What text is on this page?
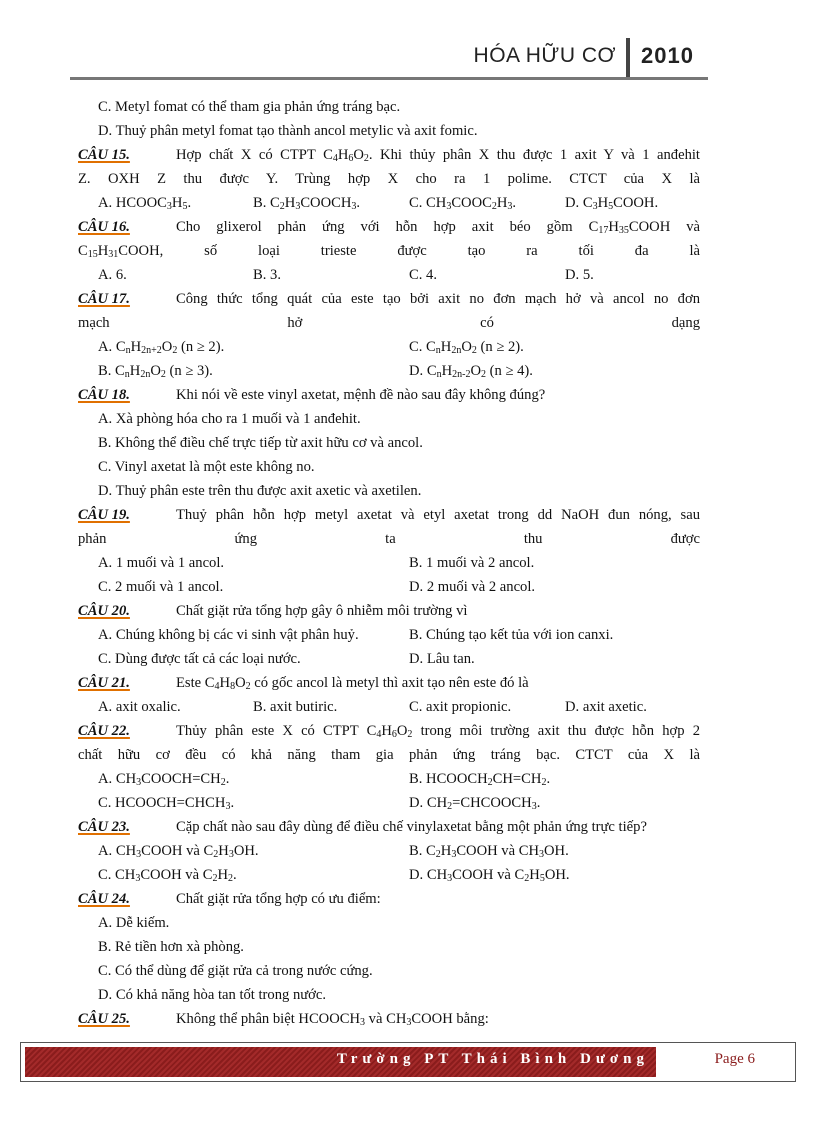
HÓA HỮU CƠ 2010
C. Metyl fomat có thể tham gia phản ứng tráng bạc.
D. Thuỷ phân metyl fomat tạo thành ancol metylic và axit fomic.
CÂU 15.	Hợp chất X có CTPT $C_4H_6O_2$. Khi thủy phân X thu được 1 axit Y và 1 anđehit
Z. OXH Z thu được Y. Trùng hợp X cho ra 1 polime. CTCT của X là
A. $HCOOC_3H_5$.	B. $C_2H_3COOCH_3$.	C. $CH_3COOC_2H_3$.	D. $C_3H_5COOH$.
CÂU 16.	Cho glixerol phản ứng với hỗn hợp axit béo gồm $C_{17}H_{35}COOH$ và
$C_{15}H_{31}COOH$, số loại trieste được tạo ra tối đa là
A. 6.	B. 3.	C. 4.	D. 5.
CÂU 17.	Công thức tổng quát của este tạo bởi axit no đơn mạch hở và ancol no đơn
mạch hở có dạng
A. $C_nH_{2n+2}O_2$ (n ≥ 2).	C. $C_nH_{2n}O_2$ (n ≥ 2).
B. $C_nH_{2n}O_2$ (n ≥ 3).	D. $C_nH_{2n-2}O_2$ (n ≥ 4).
CÂU 18.	Khi nói về este vinyl axetat, mệnh đề nào sau đây không đúng?
A. Xà phòng hóa cho ra 1 muối và 1 anđehit.
B. Không thể điều chế trực tiếp từ axit hữu cơ và ancol.
C. Vinyl axetat là một este không no.
D. Thuỷ phân este trên thu được axit axetic và axetilen.
CÂU 19.	Thuỷ phân hỗn hợp metyl axetat và etyl axetat trong dd NaOH đun nóng, sau
phản ứng ta thu được
A. 1 muối và 1 ancol.	B. 1 muối và 2 ancol.
C. 2 muối và 1 ancol.	D. 2 muối và 2 ancol.
CÂU 20.	Chất giặt rửa tổng hợp gây ô nhiễm môi trường vì
A. Chúng không bị các vi sinh vật phân huỷ.	B. Chúng tạo kết tủa với ion canxi.
C. Dùng được tất cả các loại nước.	D. Lâu tan.
CÂU 21.	Este $C_4H_8O_2$ có gốc ancol là metyl thì axit tạo nên este đó là
A. axit oxalic.	B. axit butiric.	C. axit propionic.	D. axit axetic.
CÂU 22.	Thủy phân este X có CTPT $C_4H_6O_2$ trong môi trường axit thu được hỗn hợp 2
chất hữu cơ đều có khả năng tham gia phản ứng tráng bạc. CTCT của X là
A. $CH_3COOCH=CH_2$.	B. $HCOOCH_2CH=CH_2$.
C. $HCOOCH=CHCH_3$.	D. $CH_2=CHCOOCH_3$.
CÂU 23.	Cặp chất nào sau đây dùng để điều chế vinylaxetat bằng một phản ứng trực tiếp?
A. $CH_3COOH$ và $C_2H_3OH$.	B. $C_2H_3COOH$ và $CH_3OH$.
C. $CH_3COOH$ và $C_2H_2$.	D. $CH_3COOH$ và $C_2H_5OH$.
CÂU 24.	Chất giặt rửa tổng hợp có ưu điểm:
A. Dễ kiếm.
B. Rẻ tiền hơn xà phòng.
C. Có thể dùng để giặt rửa cả trong nước cứng.
D. Có khả năng hòa tan tốt trong nước.
CÂU 25.	Không thể phân biệt $HCOOCH_3$ và $CH_3COOH$ bằng:
Trường PT Thái Bình Dương	Page 6
